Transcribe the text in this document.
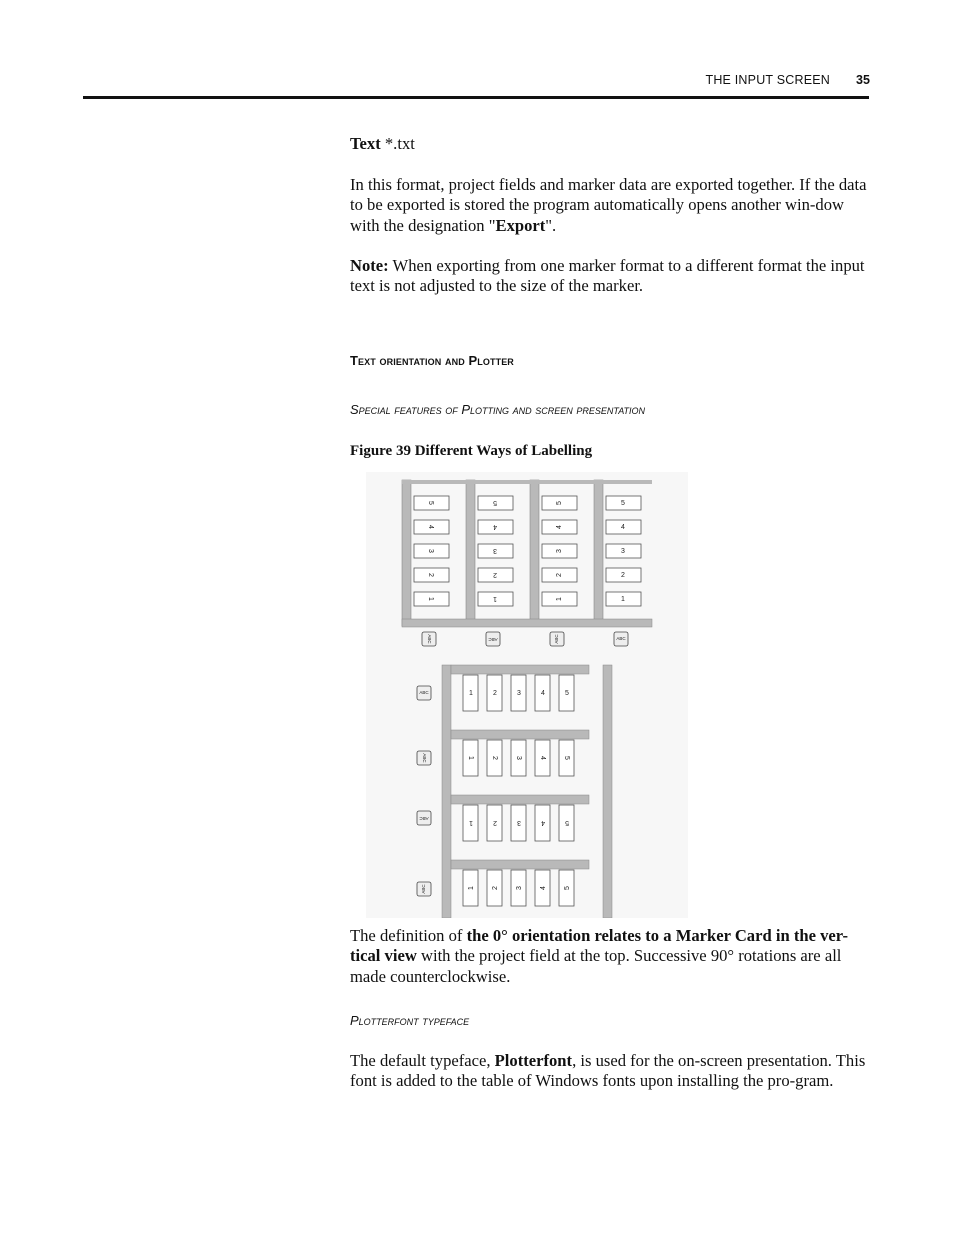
THE INPUT SCREEN 35

Text *.txt

In this format, project fields and marker data are exported together. If the data to be exported is stored the program automatically opens another win-dow with the designation "Export".

Note: When exporting from one marker format to a different format the input text is not adjusted to the size of the marker.

Text orientation and Plotter
Special features of Plotting and screen presentation
Figure 39 Different Ways of Labelling
5
4
3
2
1
5
4
3
2
1
5
4
3
2
1
5
4
3
2
1
ABC	ABC	ABC	ABC
1	2	3	4	5
ABC
1 2 3 4 5
ABC
1	2	3	4	5
ABC
1 2 3 4 5
ABC

The definition of the 0° orientation relates to a Marker Card in the ver-tical view with the project field at the top. Successive 90° rotations are all made counterclockwise.

Plotterfont typeface

The default typeface, Plotterfont, is used for the on-screen presentation. This font is added to the table of Windows fonts upon installing the pro-gram.
